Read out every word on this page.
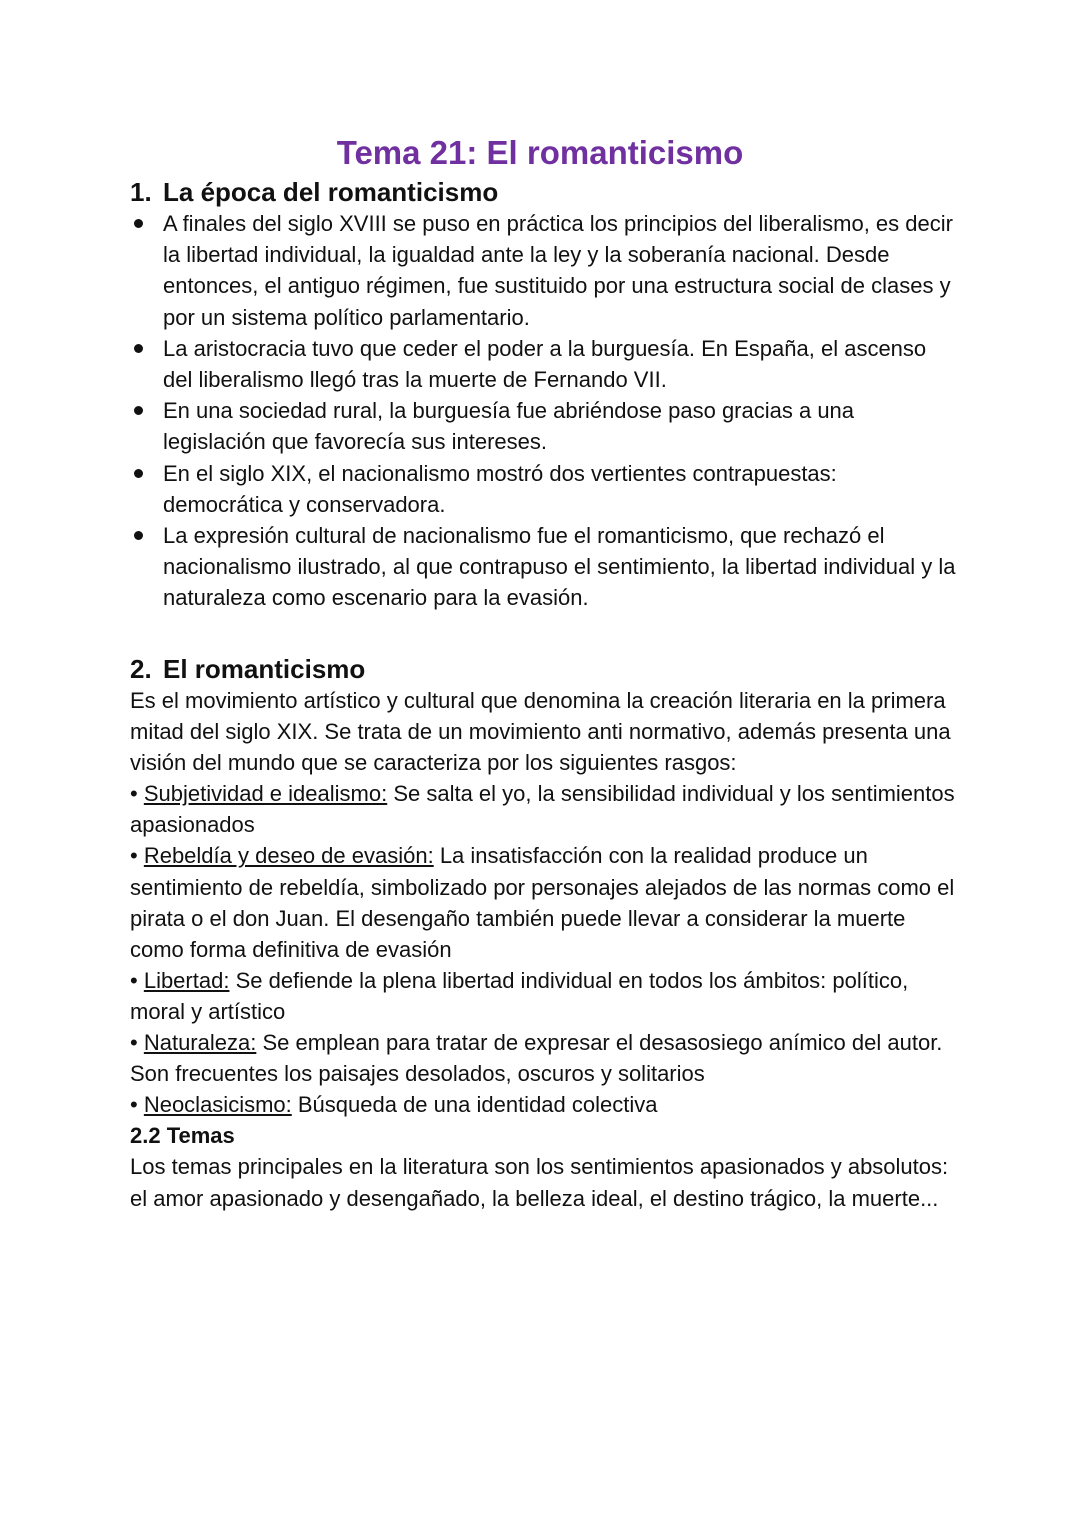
Tema 21: El romanticismo
1. La época del romanticismo
A finales del siglo XVIII se puso en práctica los principios del liberalismo, es decir la libertad individual, la igualdad ante la ley y la soberanía nacional. Desde entonces, el antiguo régimen, fue sustituido por una estructura social de clases y por un sistema político parlamentario.
La aristocracia tuvo que ceder el poder a la burguesía. En España, el ascenso del liberalismo llegó tras la muerte de Fernando VII.
En una sociedad rural, la burguesía fue abriéndose paso gracias a una legislación que favorecía sus intereses.
En el siglo XIX, el nacionalismo mostró dos vertientes contrapuestas: democrática y conservadora.
La expresión cultural de nacionalismo fue el romanticismo, que rechazó el nacionalismo ilustrado, al que contrapuso el sentimiento, la libertad individual y la naturaleza como escenario para la evasión.
2. El romanticismo

Es el movimiento artístico y cultural que denomina la creación literaria en la primera mitad del siglo XIX. Se trata de un movimiento anti normativo, además presenta una visión del mundo que se caracteriza por los siguientes rasgos:

• Subjetividad e idealismo: Se salta el yo, la sensibilidad individual y los sentimientos apasionados

• Rebeldía y deseo de evasión: La insatisfacción con la realidad produce un sentimiento de rebeldía, simbolizado por personajes alejados de las normas como el pirata o el don Juan. El desengaño también puede llevar a considerar la muerte como forma definitiva de evasión

• Libertad: Se defiende la plena libertad individual en todos los ámbitos: político, moral y artístico

• Naturaleza: Se emplean para tratar de expresar el desasosiego anímico del autor. Son frecuentes los paisajes desolados, oscuros y solitarios

• Neoclasicismo: Búsqueda de una identidad colectiva

2.2 Temas

Los temas principales en la literatura son los sentimientos apasionados y absolutos: el amor apasionado y desengañado, la belleza ideal, el destino trágico, la muerte...
